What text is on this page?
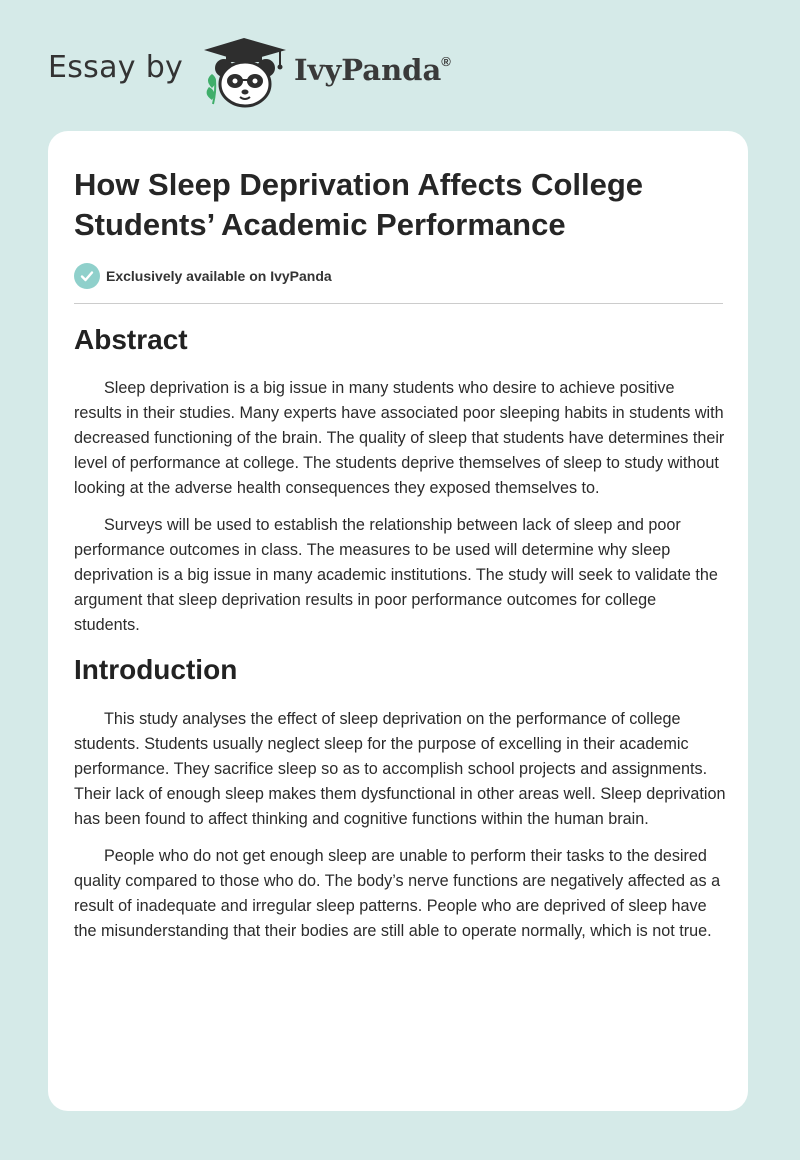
Essay by	IvyPanda®
How Sleep Deprivation Affects College Students’ Academic Performance
Exclusively available on IvyPanda
Abstract

Sleep deprivation is a big issue in many students who desire to achieve positive results in their studies. Many experts have associated poor sleeping habits in students with decreased functioning of the brain. The quality of sleep that students have determines their level of performance at college. The students deprive themselves of sleep to study without looking at the adverse health consequences they exposed themselves to.

Surveys will be used to establish the relationship between lack of sleep and poor performance outcomes in class. The measures to be used will determine why sleep deprivation is a big issue in many academic institutions. The study will seek to validate the argument that sleep deprivation results in poor performance outcomes for college students.

Introduction

This study analyses the effect of sleep deprivation on the performance of college students. Students usually neglect sleep for the purpose of excelling in their academic performance. They sacrifice sleep so as to accomplish school projects and assignments. Their lack of enough sleep makes them dysfunctional in other areas well. Sleep deprivation has been found to affect thinking and cognitive functions within the human brain.

People who do not get enough sleep are unable to perform their tasks to the desired quality compared to those who do. The body’s nerve functions are negatively affected as a result of inadequate and irregular sleep patterns. People who are deprived of sleep have the misunderstanding that their bodies are still able to operate normally, which is not true.
